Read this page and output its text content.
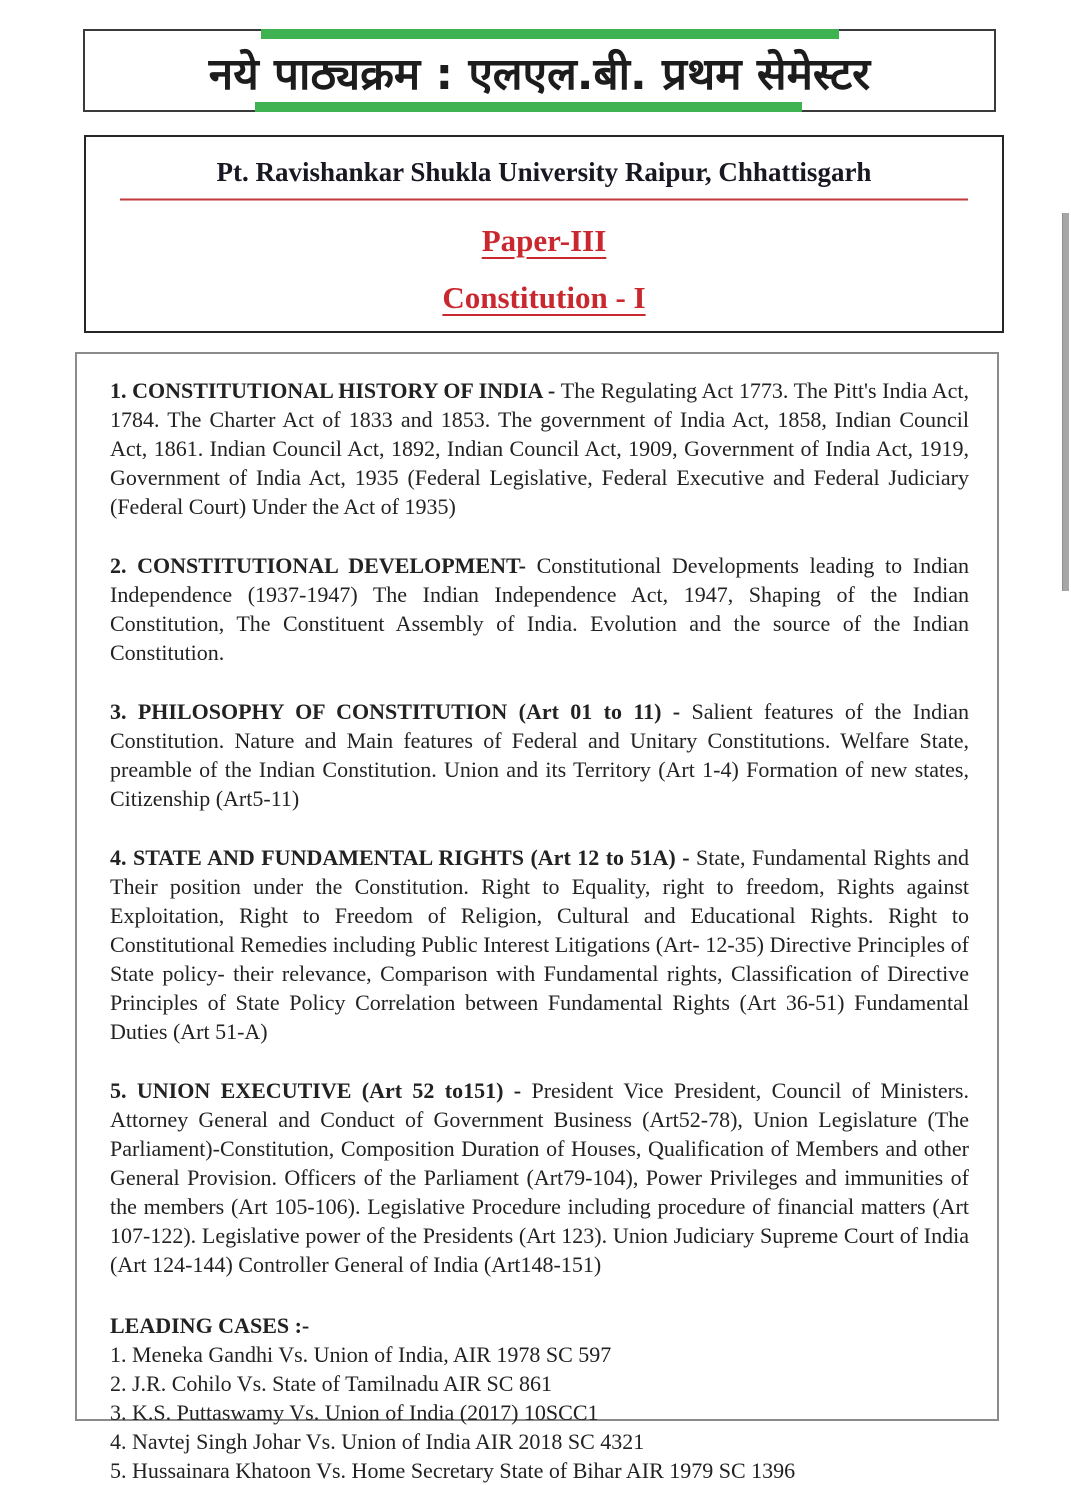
नये पाठ्यक्रम : एलएल.बी. प्रथम सेमेस्टर
Pt. Ravishankar Shukla University Raipur, Chhattisgarh
Paper-III
Constitution - I

1. CONSTITUTIONAL HISTORY OF INDIA - The Regulating Act 1773. The Pitt's India Act, 1784. The Charter Act of 1833 and 1853. The government of India Act, 1858, Indian Council Act, 1861. Indian Council Act, 1892, Indian Council Act, 1909, Government of India Act, 1919, Government of India Act, 1935 (Federal Legislative, Federal Executive and Federal Judiciary (Federal Court) Under the Act of 1935)

2. CONSTITUTIONAL DEVELOPMENT- Constitutional Developments leading to Indian Independence (1937-1947) The Indian Independence Act, 1947, Shaping of the Indian Constitution, The Constituent Assembly of India. Evolution and the source of the Indian Constitution.

3. PHILOSOPHY OF CONSTITUTION (Art 01 to 11) - Salient features of the Indian Constitution. Nature and Main features of Federal and Unitary Constitutions. Welfare State, preamble of the Indian Constitution. Union and its Territory (Art 1-4) Formation of new states, Citizenship (Art5-11)

4. STATE AND FUNDAMENTAL RIGHTS (Art 12 to 51A) - State, Fundamental Rights and Their position under the Constitution. Right to Equality, right to freedom, Rights against Exploitation, Right to Freedom of Religion, Cultural and Educational Rights. Right to Constitutional Remedies including Public Interest Litigations (Art- 12-35) Directive Principles of State policy- their relevance, Comparison with Fundamental rights, Classification of Directive Principles of State Policy Correlation between Fundamental Rights (Art 36-51) Fundamental Duties (Art 51-A)

5. UNION EXECUTIVE (Art 52 to151) - President Vice President, Council of Ministers. Attorney General and Conduct of Government Business (Art52-78), Union Legislature (The Parliament)-Constitution, Composition Duration of Houses, Qualification of Members and other General Provision. Officers of the Parliament (Art79-104), Power Privileges and immunities of the members (Art 105-106). Legislative Procedure including procedure of financial matters (Art 107-122). Legislative power of the Presidents (Art 123). Union Judiciary Supreme Court of India (Art 124-144) Controller General of India (Art148-151)

LEADING CASES :-
1. Meneka Gandhi Vs. Union of India, AIR 1978 SC 597
2. J.R. Cohilo Vs. State of Tamilnadu AIR SC 861
3. K.S. Puttaswamy Vs. Union of India (2017) 10SCC1
4. Navtej Singh Johar Vs. Union of India AIR 2018 SC 4321
5. Hussainara Khatoon Vs. Home Secretary State of Bihar AIR 1979 SC 1396
